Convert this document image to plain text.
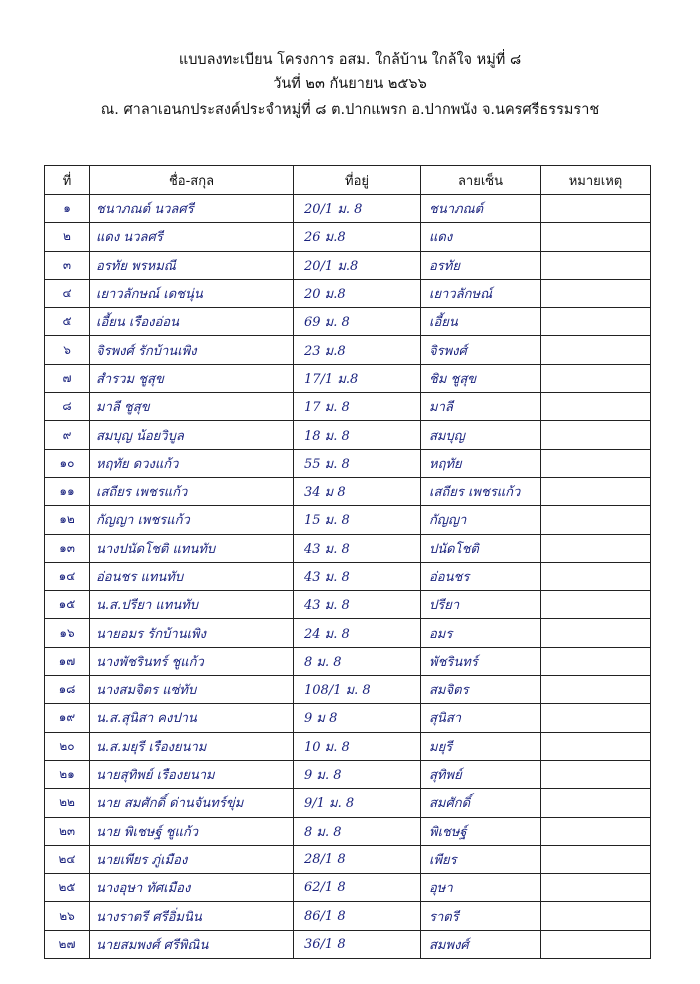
แบบลงทะเบียน โครงการ อสม. ใกล้บ้าน ใกล้ใจ หมู่ที่ ๘
วันที่ ๒๓ กันยายน ๒๕๖๖
ณ. ศาลาเอนกประสงค์ประจำหมู่ที่ ๘ ต.ปากแพรก อ.ปากพนัง จ.นครศรีธรรมราช
ที่	ชื่อ-สกุล	ที่อยู่	ลายเซ็น	หมายเหตุ
๑	ชนาภณต์ นวลศรี	20/1 ม. 8	ชนาภณต์	
๒	แดง นวลศรี	26 ม.8	แดง	
๓	อรทัย พรหมณี	20/1 ม.8	อรทัย	
๔	เยาวลักษณ์ เดชนุ่น	20 ม.8	เยาวลักษณ์	
๕	เอี้ยน เรืองอ่อน	69 ม. 8	เอี้ยน	
๖	จิรพงศ์ รักบ้านเพิง	23 ม.8	จิรพงศ์	
๗	สำรวม ชูสุข	17/1 ม.8	ชิม ชูสุข	
๘	มาลี ชูสุข	17 ม. 8	มาลี	
๙	สมบุญ น้อยวิบูล	18 ม. 8	สมบุญ	
๑๐	หฤทัย ดวงแก้ว	55 ม. 8	หฤทัย	
๑๑	เสถียร เพชรแก้ว	34 ม 8	เสถียร เพชรแก้ว	
๑๒	กัญญา เพชรแก้ว	15 ม. 8	กัญญา	
๑๓	นางปนัดโชติ แทนทับ	43 ม. 8	ปนัดโชติ	
๑๔	อ่อนชร แทนทับ	43 ม. 8	อ่อนชร	
๑๕	น.ส.ปรียา แทนทับ	43 ม. 8	ปรียา	
๑๖	นายอมร รักบ้านเพิง	24 ม. 8	อมร	
๑๗	นางพัชรินทร์ ชูแก้ว	8 ม. 8	พัชรินทร์	
๑๘	นางสมจิตร แซ่ทับ	108/1 ม. 8	สมจิตร	
๑๙	น.ส.สุนิสา คงปาน	9 ม 8	สุนิสา	
๒๐	น.ส.มยุรี เรืองยนาม	10 ม. 8	มยุรี	
๒๑	นายสุทิพย์ เรืองยนาม	9 ม. 8	สุทิพย์	
๒๒	นาย สมศักดิ์ ด่านจันทร์ขุ่ม	9/1 ม. 8	สมศักดิ์	
๒๓	นาย พิเชษฐ์ ชูแก้ว	8 ม. 8	พิเชษฐ์	
๒๔	นายเพียร ภู่เมือง	28/1 8	เพียร	
๒๕	นางอุษา ทัศเมือง	62/1 8	อุษา	
๒๖	นางราตรี ศรีอิ่มนิน	86/1 8	ราตรี	
๒๗	นายสมพงศ์ ศรีพิณิน	36/1 8	สมพงศ์	
